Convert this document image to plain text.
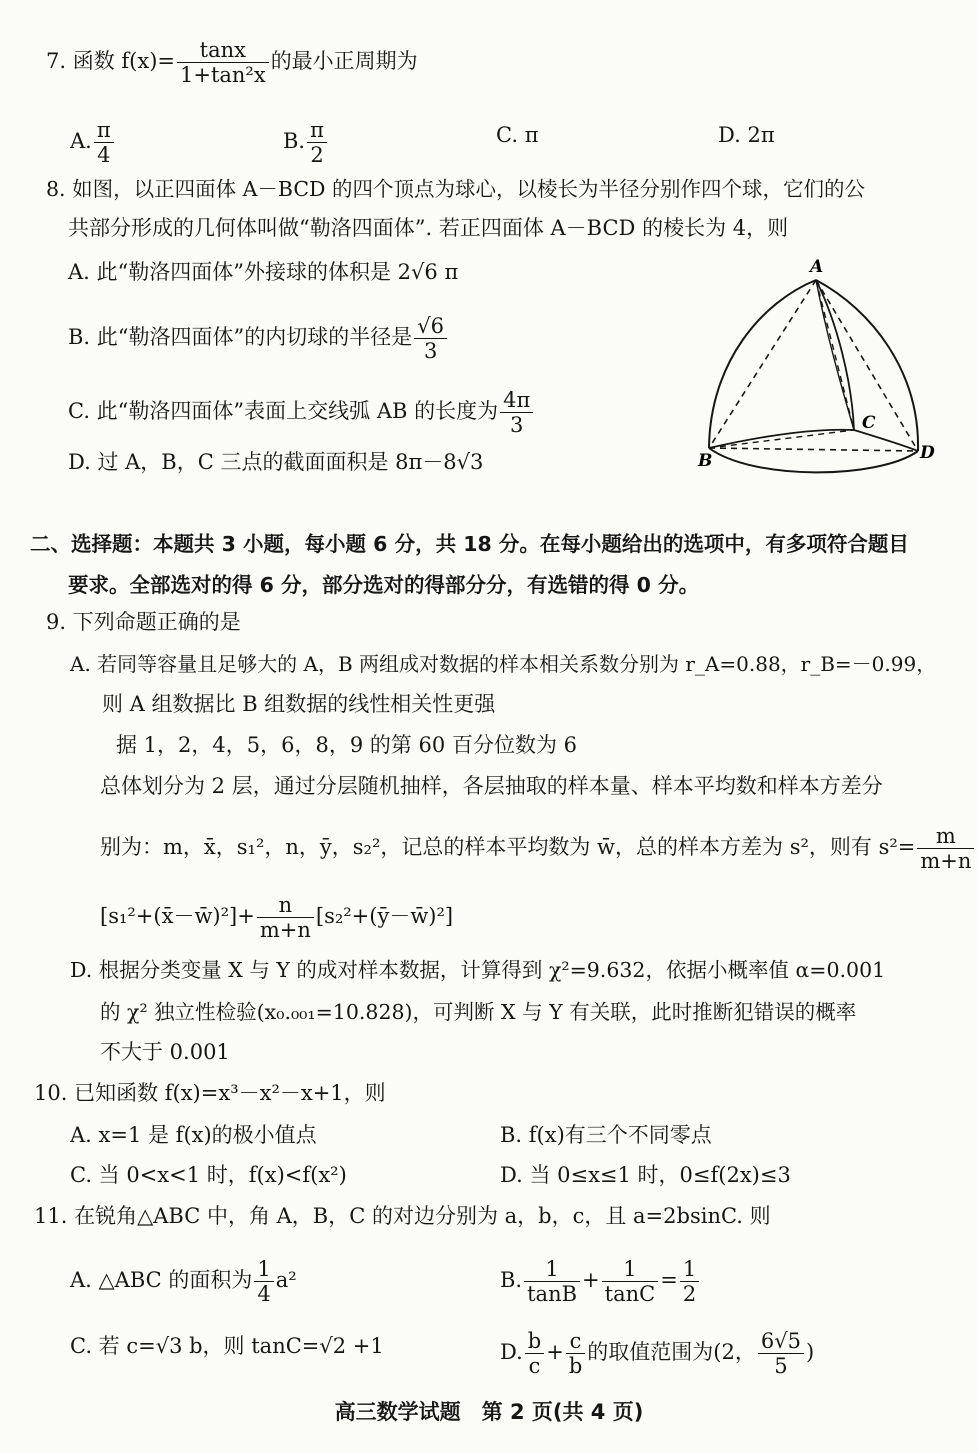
7. 函数 $f(x)= \frac{\tan x}{\text{1+tan²x}}$ 的最小正周期为
A. $\frac{\pi}{4}$	B. $\frac{\pi}{2}$	C. π	D. 2π
8. 如图，以正四面体 A－BCD 的四个顶点为球心，以棱长为半径分别作四个球，它们的公
共部分形成的几何体叫做“勒洛四面体”. 若正四面体 A－BCD 的棱长为 4，则
A. 此“勒洛四面体”外接球的体积是 2√6 π
B. 此“勒洛四面体”的内切球的半径是 $\frac{√6}{3}$
C. 此“勒洛四面体”表面上交线弧 AB 的长度为 $\frac{4\pi}{3}$
D. 过 A，B，C 三点的截面面积是 8π－8√3
A
B
C
D
二、选择题：本题共 3 小题，每小题 6 分，共 18 分。在每小题给出的选项中，有多项符合题目
要求。全部选对的得 6 分，部分选对的得部分分，有选错的得 0 分。
9. 下列命题正确的是
A. 若同等容量且足够大的 A，B 两组成对数据的样本相关系数分别为 r_A=0.88，r_B=－0.99，
则 A 组数据比 B 组数据的线性相关性更强
据 1，2，4，5，6，8，9 的第 60 百分位数为 6
总体划分为 2 层，通过分层随机抽样，各层抽取的样本量、样本平均数和样本方差分
别为：m，x̄，s₁²，n，ȳ，s₂²，记总的样本平均数为 w̄，总的样本方差为 s²，则有 $s^2= \frac{m}{m+n}$
[s₁²+(x̄－w̄)²]+ $\frac{n}{m+n}$ [s₂²+(ȳ－w̄)²]
D. 根据分类变量 X 与 Y 的成对样本数据，计算得到 χ²=9.632，依据小概率值 α=0.001
的 χ² 独立性检验(x₀.₀₀₁=10.828)，可判断 X 与 Y 有关联，此时推断犯错误的概率
不大于 0.001
10. 已知函数 f(x)=x³－x²－x+1，则
A. x=1 是 f(x)的极小值点	B. f(x)有三个不同零点
C. 当 0<x<1 时，f(x)<f(x²)	D. 当 0≤x≤1 时，0≤f(2x)≤3
11. 在锐角△ABC 中，角 A，B，C 的对边分别为 a，b，c，且 a=2bsinC. 则
A. △ABC 的面积为 $\frac{1}{4} a^2$	B. $\frac{1}{\tan B} + \frac{1}{\tan C} = \frac{1}{2}$
C. 若 c=√3 b，则 tanC=√2 +1	D. $\frac{b}{c} + \frac{c}{b}$ 的取值范围为(2， $\frac{6√5}{5}$ )
高三数学试题　第 2 页(共 4 页)
